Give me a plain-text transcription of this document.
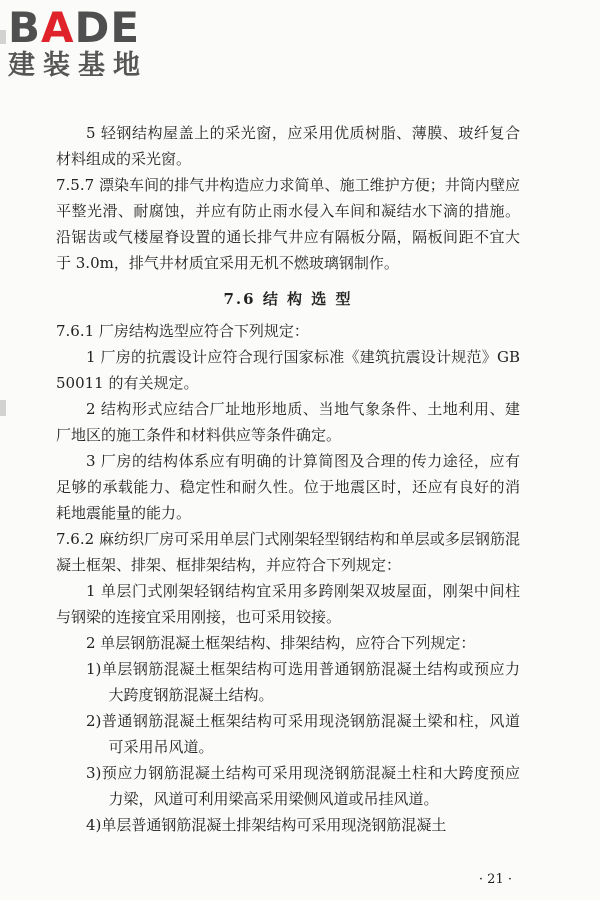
BADE
建装基地

5 轻钢结构屋盖上的采光窗，应采用优质树脂、薄膜、玻纤复合材料组成的采光窗。

7.5.7 漂染车间的排气井构造应力求简单、施工维护方便；井筒内壁应平整光滑、耐腐蚀，并应有防止雨水侵入车间和凝结水下滴的措施。沿锯齿或气楼屋脊设置的通长排气井应有隔板分隔，隔板间距不宜大于 3.0m，排气井材质宜采用无机不燃玻璃钢制作。

7.6 结 构 选 型

7.6.1 厂房结构选型应符合下列规定：

1 厂房的抗震设计应符合现行国家标准《建筑抗震设计规范》GB 50011 的有关规定。

2 结构形式应结合厂址地形地质、当地气象条件、土地利用、建厂地区的施工条件和材料供应等条件确定。

3 厂房的结构体系应有明确的计算简图及合理的传力途径，应有足够的承载能力、稳定性和耐久性。位于地震区时，还应有良好的消耗地震能量的能力。

7.6.2 麻纺织厂房可采用单层门式刚架轻型钢结构和单层或多层钢筋混凝土框架、排架、框排架结构，并应符合下列规定：

1 单层门式刚架轻钢结构宜采用多跨刚架双坡屋面，刚架中间柱与钢梁的连接宜采用刚接，也可采用铰接。

2 单层钢筋混凝土框架结构、排架结构，应符合下列规定：

1)单层钢筋混凝土框架结构可选用普通钢筋混凝土结构或预应力大跨度钢筋混凝土结构。

2)普通钢筋混凝土框架结构可采用现浇钢筋混凝土梁和柱，风道可采用吊风道。

3)预应力钢筋混凝土结构可采用现浇钢筋混凝土柱和大跨度预应力梁，风道可利用梁高采用梁侧风道或吊挂风道。

4)单层普通钢筋混凝土排架结构可采用现浇钢筋混凝土

· 21 ·
